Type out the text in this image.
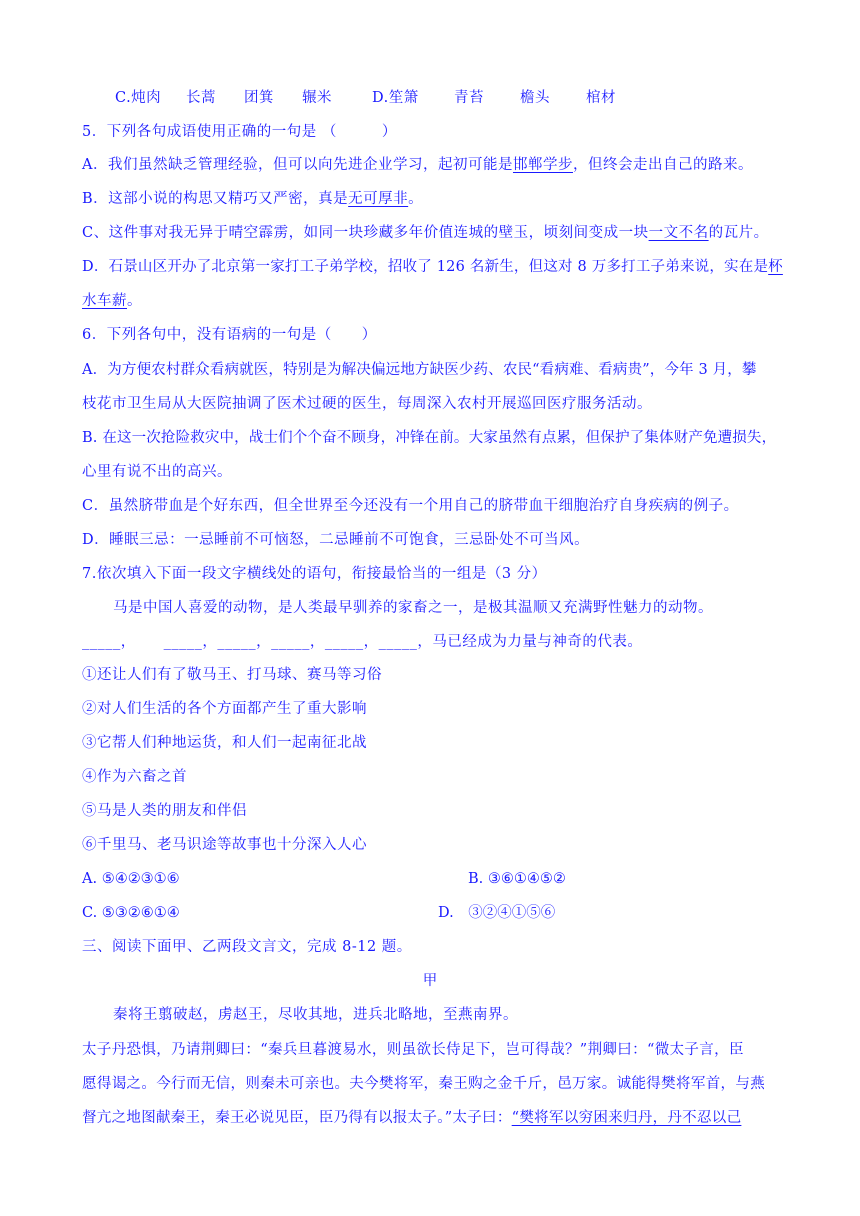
C.炖肉 长蒿 团箕 辗米	D.笙箫 青苔 檐头 棺材
5．下列各句成语使用正确的一句是 （　　　）
A．我们虽然缺乏管理经验，但可以向先进企业学习，起初可能是邯郸学步，但终会走出自己的路来。
B．这部小说的构思又精巧又严密，真是无可厚非。
C、这件事对我无异于晴空霹雳，如同一块珍藏多年价值连城的壁玉，顷刻间变成一块一文不名的瓦片。
D．石景山区开办了北京第一家打工子弟学校，招收了 126 名新生，但这对 8 万多打工子弟来说，实在是杯
水车薪。
6．下列各句中，没有语病的一句是（　　）
A．为方便农村群众看病就医，特别是为解决偏远地方缺医少药、农民“看病难、看病贵”，今年 3 月，攀
枝花市卫生局从大医院抽调了医术过硬的医生，每周深入农村开展巡回医疗服务活动。
B. 在这一次抢险救灾中，战士们个个奋不顾身，冲锋在前。大家虽然有点累，但保护了集体财产免遭损失，
心里有说不出的高兴。
C．虽然脐带血是个好东西，但全世界至今还没有一个用自己的脐带血干细胞治疗自身疾病的例子。
D．睡眠三忌：一忌睡前不可恼怒，二忌睡前不可饱食，三忌卧处不可当风。
7.依次填入下面一段文字横线处的语句，衔接最恰当的一组是（3 分）
马是中国人喜爱的动物，是人类最早驯养的家畜之一，是极其温顺又充满野性魅力的动物。
_____，　　 _____，_____，_____，_____，_____，马已经成为力量与神奇的代表。
①还让人们有了敬马王、打马球、赛马等习俗
②对人们生活的各个方面都产生了重大影响
③它帮人们种地运货，和人们一起南征北战
④作为六畜之首
⑤马是人类的朋友和伴侣
⑥千里马、老马识途等故事也十分深入人心
A. ⑤④②③①⑥	B. ③⑥①④⑤②
C. ⑤③②⑥①④	D.　③②④①⑤⑥
三、阅读下面甲、乙两段文言文，完成 8-12 题。
甲
秦将王翦破赵，虏赵王，尽收其地，进兵北略地，至燕南界。
太子丹恐惧，乃请荆卿曰：“秦兵旦暮渡易水，则虽欲长侍足下，岂可得哉？”荆卿曰：“微太子言，臣
愿得谒之。今行而无信，则秦未可亲也。夫今樊将军，秦王购之金千斤，邑万家。诚能得樊将军首，与燕
督亢之地图献秦王，秦王必说见臣，臣乃得有以报太子。”太子曰：“樊将军以穷困来归丹，丹不忍以己
